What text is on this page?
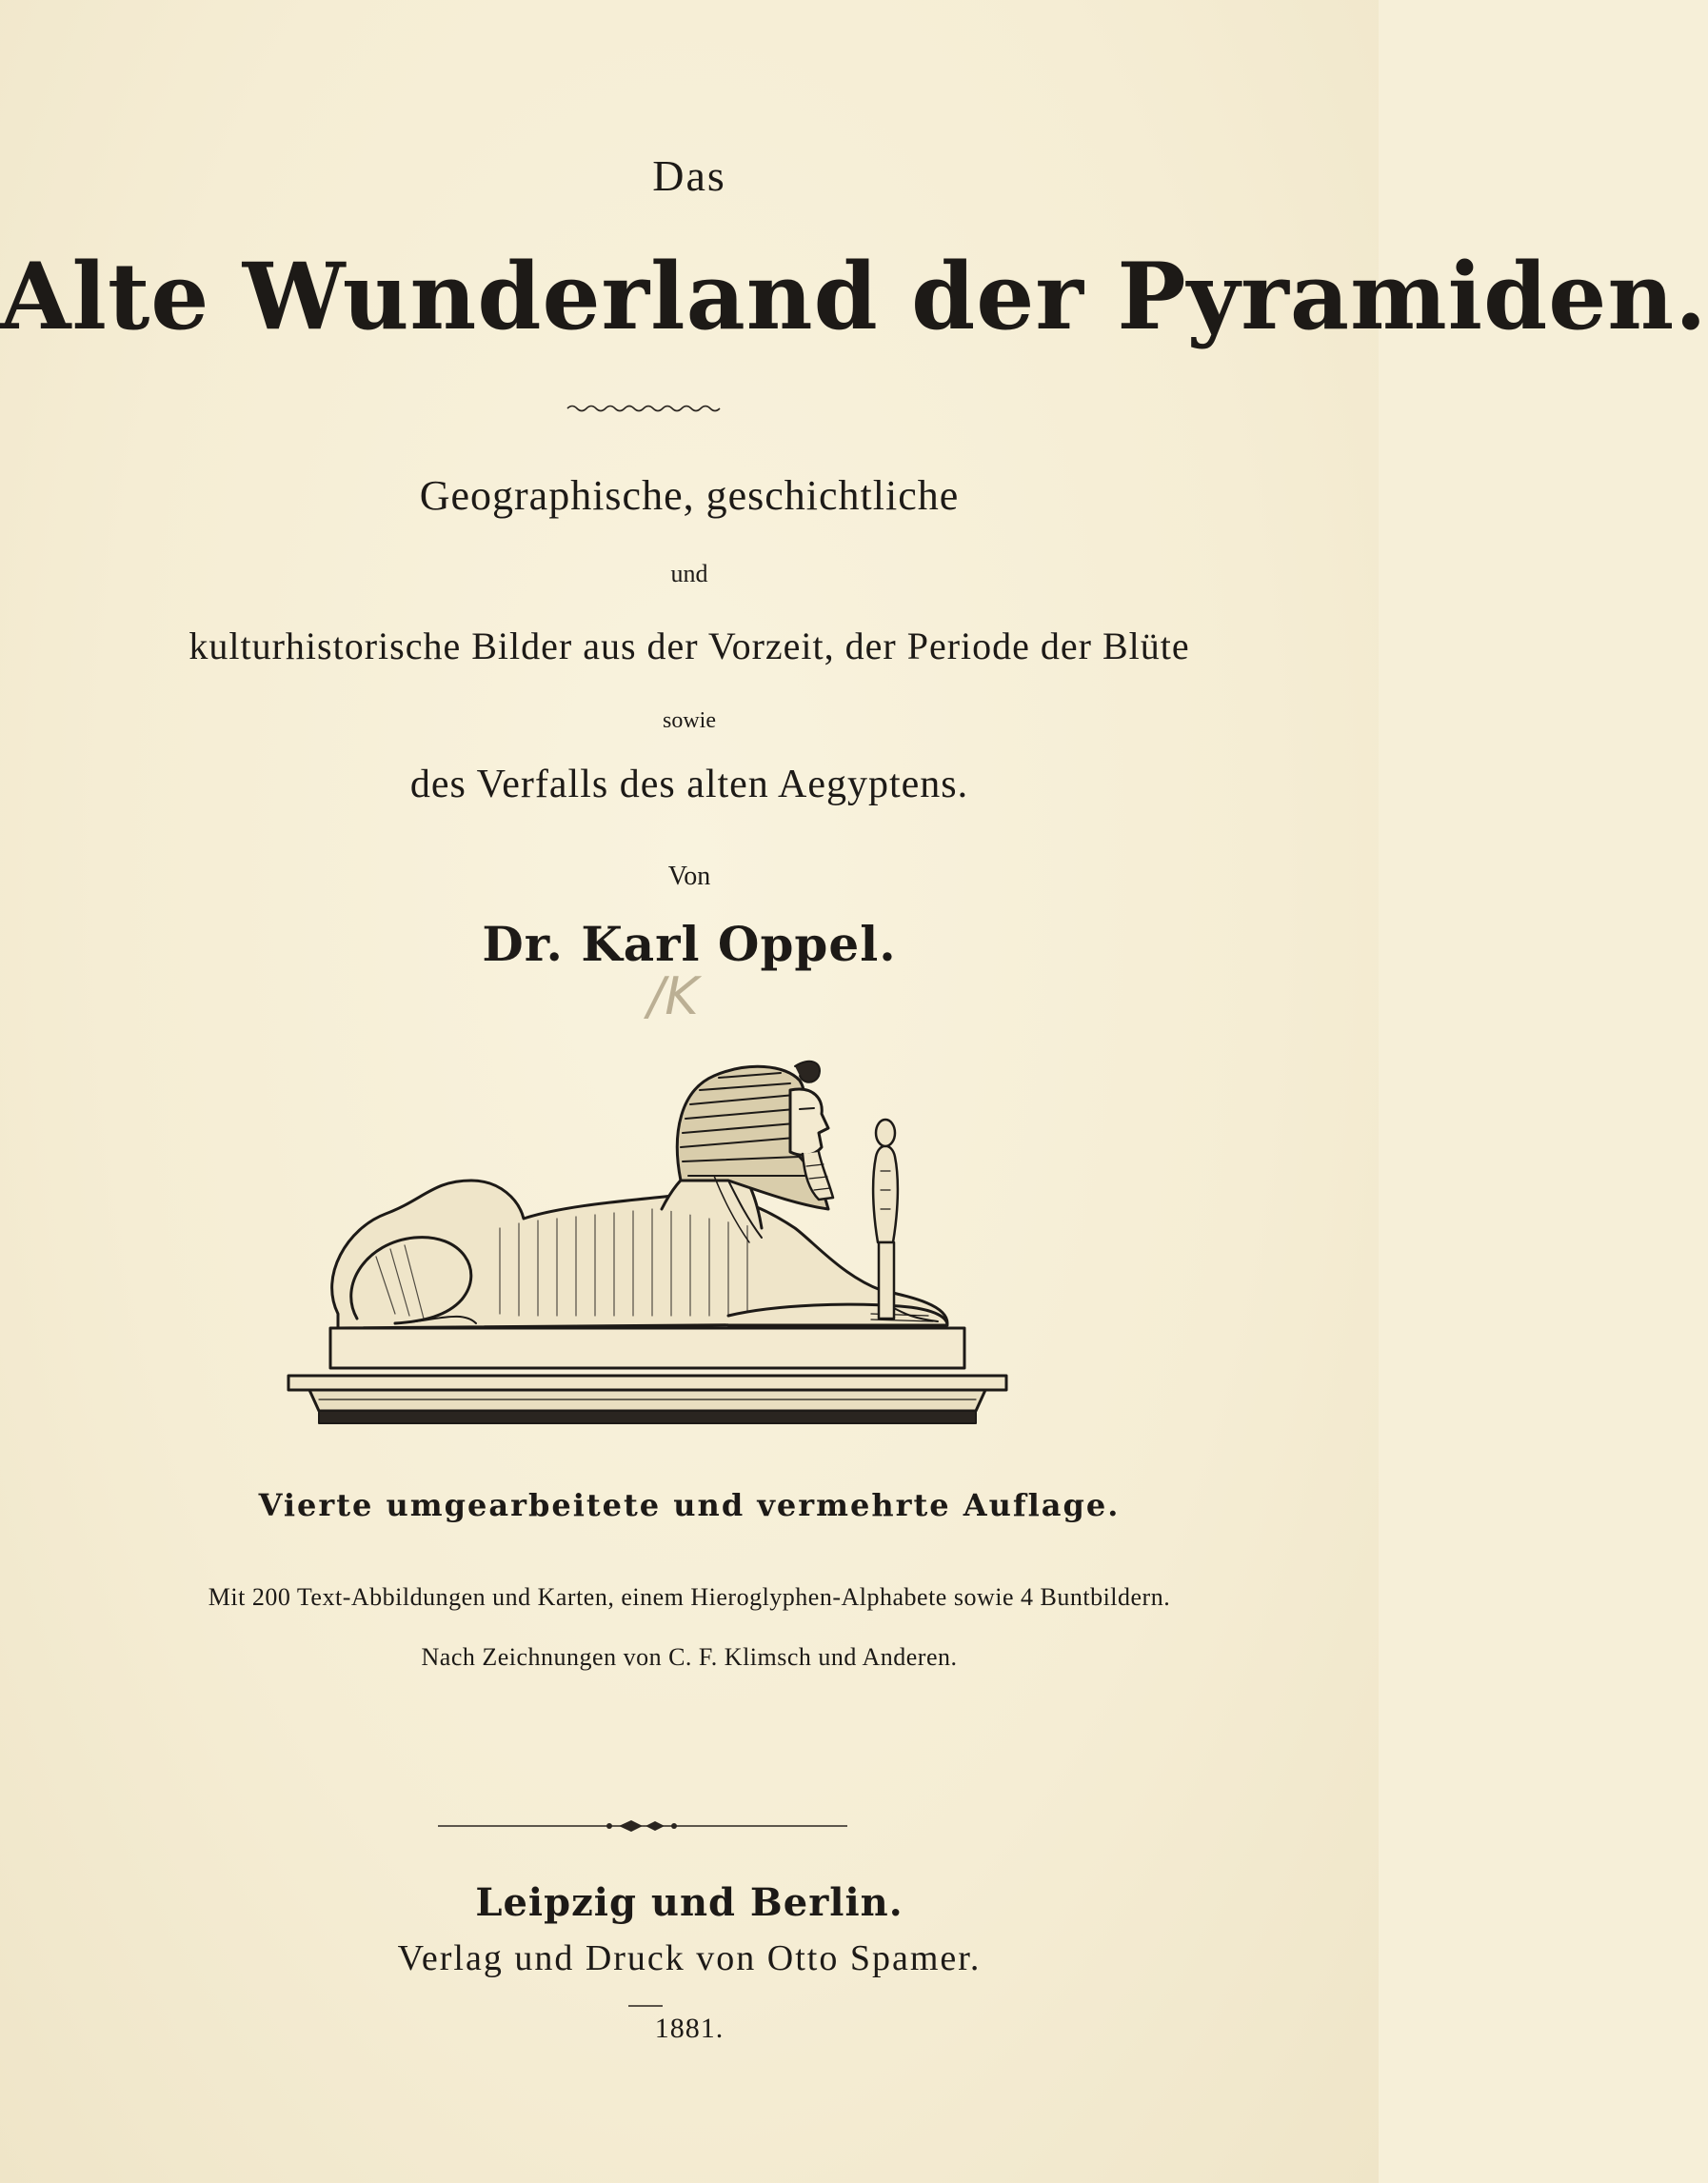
Das
Alte Wunderland der Pyramiden.
Geographische, geschichtliche
und
kulturhistorische Bilder aus der Vorzeit, der Periode der Blüte
sowie
des Verfalls des alten Aegyptens.
Von
Dr. Karl Oppel.
/K
Vierte umgearbeitete und vermehrte Auflage.
Mit 200 Text-Abbildungen und Karten, einem Hieroglyphen-Alphabete sowie 4 Buntbildern.
Nach Zeichnungen von C. F. Klimsch und Anderen.
Leipzig und Berlin.
Verlag und Druck von Otto Spamer.
1881.
